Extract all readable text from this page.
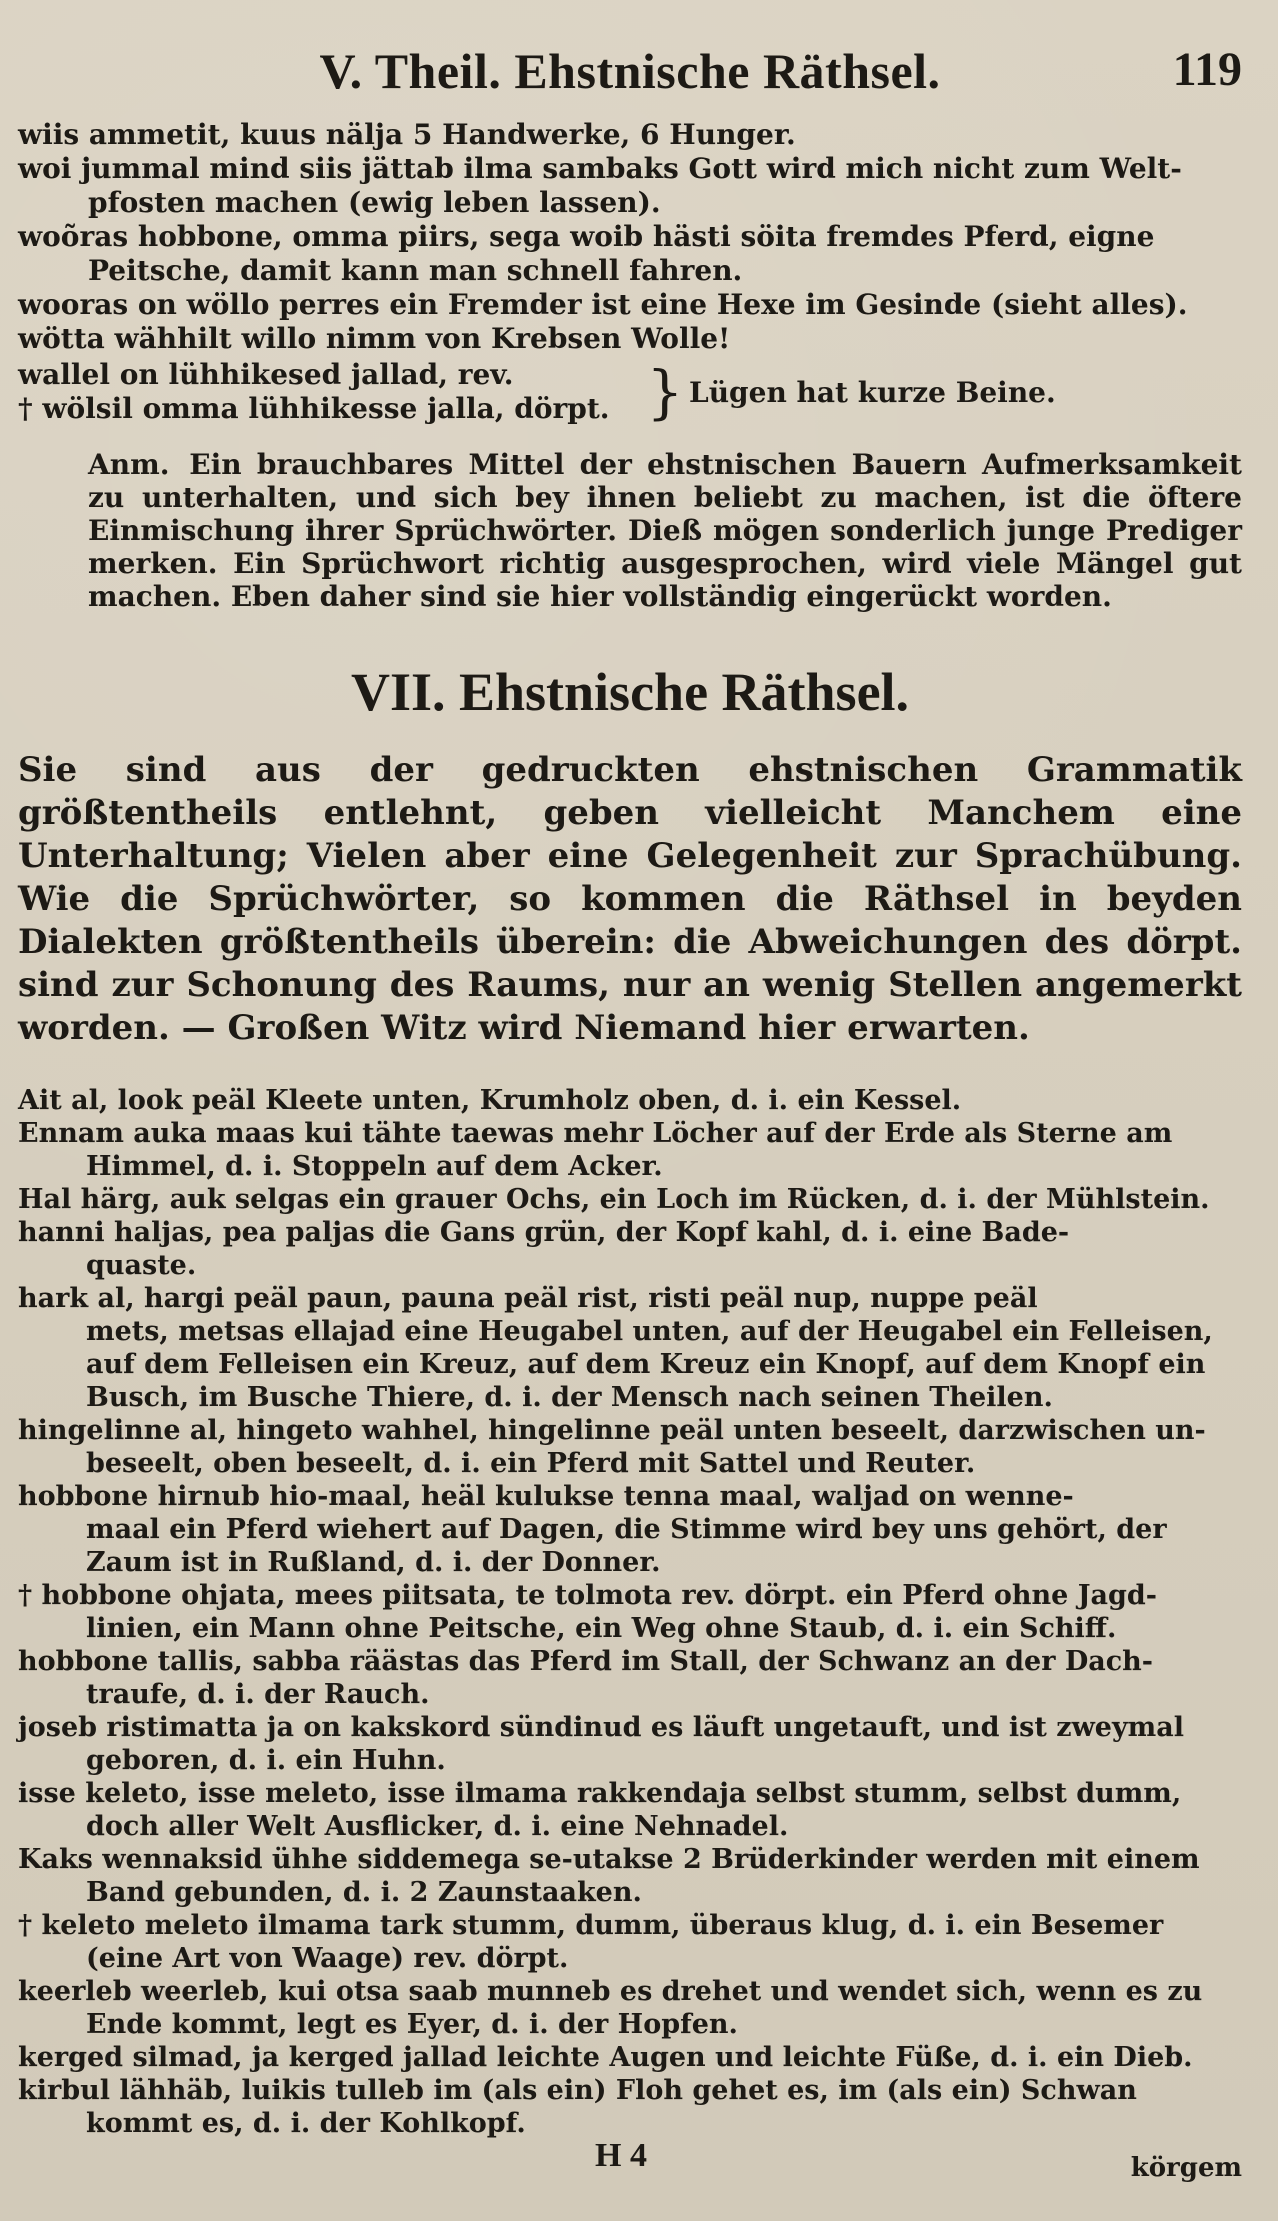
V. Theil. Ehstnische Räthsel.	119

wiis ammetit, kuus nälja 5 Handwerke, 6 Hunger.

woi jummal mind siis jättab ilma sambaks Gott wird mich nicht zum Welt-

pfosten machen (ewig leben lassen).

woõras hobbone, omma piirs, sega woib hästi söita fremdes Pferd, eigne

Peitsche, damit kann man schnell fahren.

wooras on wöllo perres ein Fremder ist eine Hexe im Gesinde (sieht alles).

wötta wähhilt willo nimm von Krebsen Wolle!

wallel on lühhikesed jallad, rev.

† wölsil omma lühhikesse jalla, dörpt. } Lügen hat kurze Beine.
Anm. Ein brauchbares Mittel der ehstnischen Bauern Aufmerksamkeit zu unterhalten, und sich bey ihnen beliebt zu machen, ist die öftere Einmischung ihrer Sprüchwörter. Dieß mögen sonderlich junge Prediger merken. Ein Sprüchwort richtig ausgesprochen, wird viele Mängel gut machen. Eben daher sind sie hier vollständig eingerückt worden.
VII. Ehstnische Räthsel.
Sie sind aus der gedruckten ehstnischen Grammatik größtentheils entlehnt, geben vielleicht Manchem eine Unterhaltung; Vielen aber eine Gelegenheit zur Sprachübung. Wie die Sprüchwörter, so kommen die Räthsel in beyden Dialekten größtentheils überein: die Abweichungen des dörpt. sind zur Schonung des Raums, nur an wenig Stellen angemerkt worden. — Großen Witz wird Niemand hier erwarten.

Ait al, look peäl Kleete unten, Krumholz oben, d. i. ein Kessel.

Ennam auka maas kui tähte taewas mehr Löcher auf der Erde als Sterne am

Himmel, d. i. Stoppeln auf dem Acker.

Hal härg, auk selgas ein grauer Ochs, ein Loch im Rücken, d. i. der Mühlstein.

hanni haljas, pea paljas die Gans grün, der Kopf kahl, d. i. eine Bade-

quaste.

hark al, hargi peäl paun, pauna peäl rist, risti peäl nup, nuppe peäl

mets, metsas ellajad eine Heugabel unten, auf der Heugabel ein Felleisen,

auf dem Felleisen ein Kreuz, auf dem Kreuz ein Knopf, auf dem Knopf ein

Busch, im Busche Thiere, d. i. der Mensch nach seinen Theilen.

hingelinne al, hingeto wahhel, hingelinne peäl unten beseelt, darzwischen un-

beseelt, oben beseelt, d. i. ein Pferd mit Sattel und Reuter.

hobbone hirnub hio-maal, heäl kulukse tenna maal, waljad on wenne-

maal ein Pferd wiehert auf Dagen, die Stimme wird bey uns gehört, der

Zaum ist in Rußland, d. i. der Donner.

† hobbone ohjata, mees piitsata, te tolmota rev. dörpt. ein Pferd ohne Jagd-

linien, ein Mann ohne Peitsche, ein Weg ohne Staub, d. i. ein Schiff.

hobbone tallis, sabba räästas das Pferd im Stall, der Schwanz an der Dach-

traufe, d. i. der Rauch.

joseb ristimatta ja on kakskord sündinud es läuft ungetauft, und ist zweymal

geboren, d. i. ein Huhn.

isse keleto, isse meleto, isse ilmama rakkendaja selbst stumm, selbst dumm,

doch aller Welt Ausflicker, d. i. eine Nehnadel.

Kaks wennaksid ühhe siddemega se-utakse 2 Brüderkinder werden mit einem

Band gebunden, d. i. 2 Zaunstaaken.

† keleto meleto ilmama tark stumm, dumm, überaus klug, d. i. ein Besemer

(eine Art von Waage) rev. dörpt.

keerleb weerleb, kui otsa saab munneb es drehet und wendet sich, wenn es zu

Ende kommt, legt es Eyer, d. i. der Hopfen.

kerged silmad, ja kerged jallad leichte Augen und leichte Füße, d. i. ein Dieb.

kirbul lähhäb, luikis tulleb im (als ein) Floh gehet es, im (als ein) Schwan

kommt es, d. i. der Kohlkopf.

H 4	körgem
